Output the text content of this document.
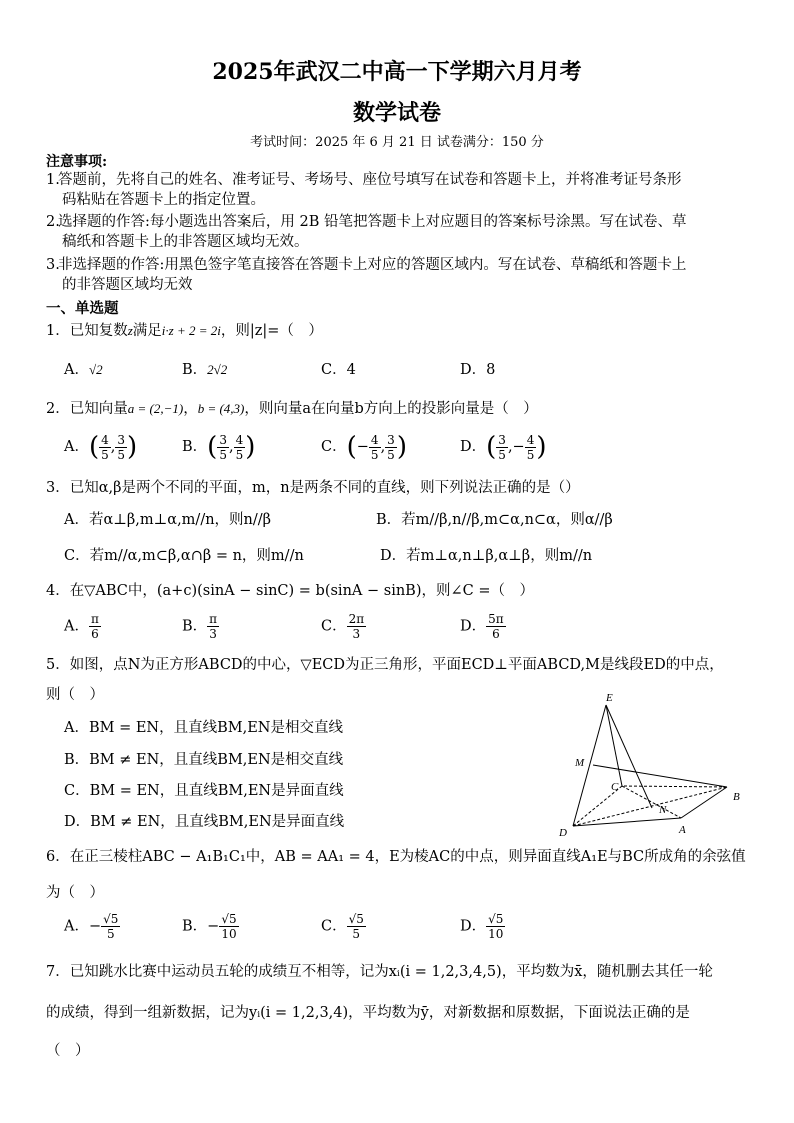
2025年武汉二中高一下学期六月月考
数学试卷
考试时间：2025 年 6 月 21 日 试卷满分：150 分
注意事项:
1.答题前，先将自己的姓名、准考证号、考场号、座位号填写在试卷和答题卡上，并将准考证号条形
码粘贴在答题卡上的指定位置。
2.选择题的作答:每小题选出答案后，用 2B 铅笔把答题卡上对应题目的答案标号涂黑。写在试卷、草
稿纸和答题卡上的非答题区域均无效。
3.非选择题的作答:用黑色签字笔直接答在答题卡上对应的答题区域内。写在试卷、草稿纸和答题卡上
的非答题区域均无效
一、单选题
1．已知复数z满足i·z + 2 = 2i，则|z|=（　）
A．√2	B．2√2	C．4	D．8
2．已知向量a = (2,−1)，b = (4,3)，则向量a在向量b方向上的投影向量是（　）
A．( $\frac{4}{5}$ , $\frac{3}{5}$ )	B．( $\frac{3}{5}$ , $\frac{4}{5}$ )	C．(− $\frac{4}{5}$ , $\frac{3}{5}$ )	D．( $\frac{3}{5}$ ,− $\frac{4}{5}$ )
3．已知α,β是两个不同的平面，m，n是两条不同的直线，则下列说法正确的是（）
A．若α⊥β,m⊥α,m//n，则n//β	B．若m//β,n//β,m⊂α,n⊂α，则α//β
C．若m//α,m⊂β,α∩β = n，则m//n	D．若m⊥α,n⊥β,α⊥β，则m//n
4．在▽ABC中，(a+c)(sinA − sinC) = b(sinA − sinB)，则∠C =（　）
A． $\frac{\pi}{6}$	B． $\frac{\pi}{3}$	C． $\frac{2\pi}{3}$	D． $\frac{5\pi}{6}$
5．如图，点N为正方形ABCD的中心，▽ECD为正三角形，平面ECD⊥平面ABCD,M是线段ED的中点，
则（　）
A．BM = EN，且直线BM,EN是相交直线
B．BM ≠ EN，且直线BM,EN是相交直线
C．BM = EN，且直线BM,EN是异面直线
D．BM ≠ EN，且直线BM,EN是异面直线
E
M
C
B
N
D	A
6．在正三棱柱ABC − A₁B₁C₁中，AB = AA₁ = 4，E为棱AC的中点，则异面直线A₁E与BC所成角的余弦值
为（　）
A．− $\frac{√5}{5}$	B．− $\frac{√5}{10}$	C． $\frac{√5}{5}$	D． $\frac{√5}{10}$
7．已知跳水比赛中运动员五轮的成绩互不相等，记为xᵢ(i = 1,2,3,4,5)，平均数为x̄，随机删去其任一轮
的成绩，得到一组新数据，记为yᵢ(i = 1,2,3,4)，平均数为ȳ，对新数据和原数据，下面说法正确的是
（　）
